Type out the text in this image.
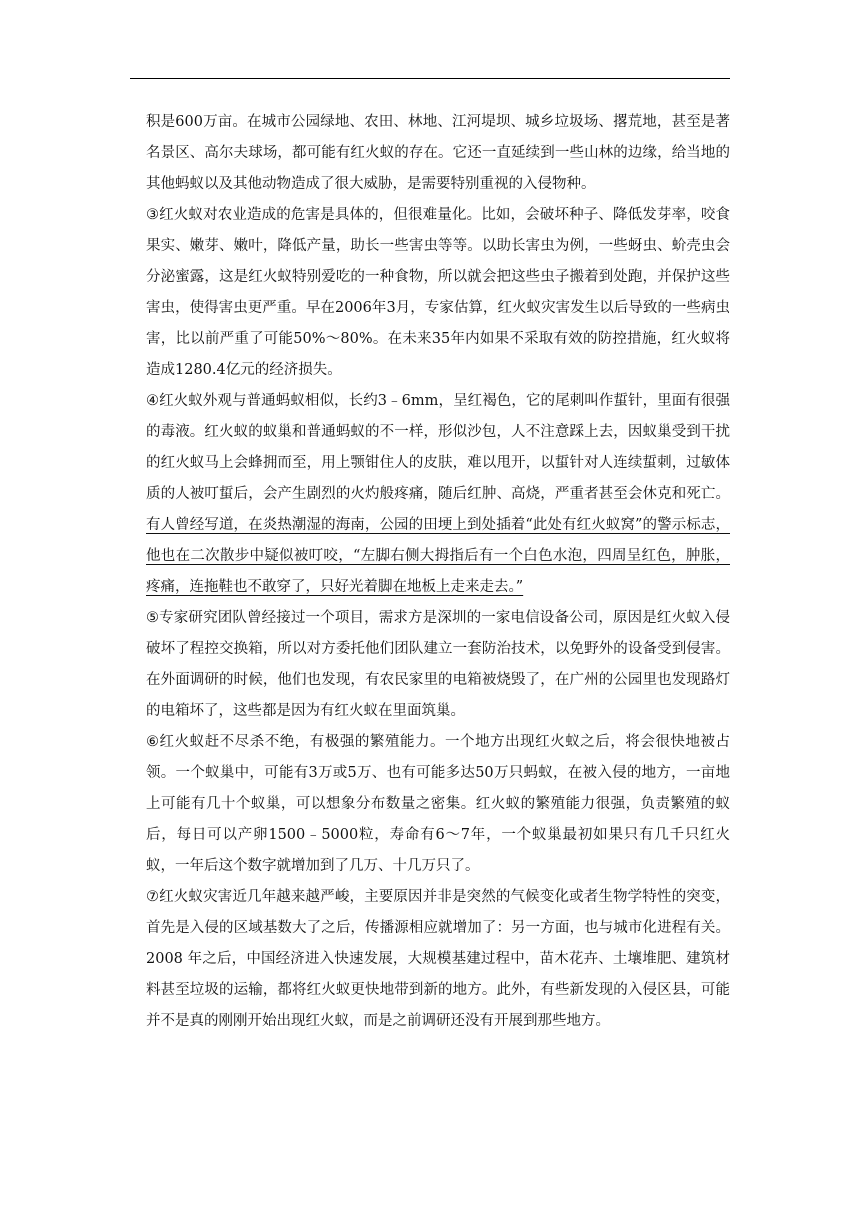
积是600万亩。在城市公园绿地、农田、林地、江河堤坝、城乡垃圾场、撂荒地，甚至是著名景区、高尔夫球场，都可能有红火蚁的存在。它还一直延续到一些山林的边缘，给当地的其他蚂蚁以及其他动物造成了很大威胁，是需要特别重视的入侵物种。

③红火蚁对农业造成的危害是具体的，但很难量化。比如，会破坏种子、降低发芽率，咬食果实、嫩芽、嫩叶，降低产量，助长一些害虫等等。以助长害虫为例，一些蚜虫、蚧壳虫会分泌蜜露，这是红火蚁特别爱吃的一种食物，所以就会把这些虫子搬着到处跑，并保护这些害虫，使得害虫更严重。早在2006年3月，专家估算，红火蚁灾害发生以后导致的一些病虫害，比以前严重了可能50%～80%。在未来35年内如果不采取有效的防控措施，红火蚁将造成1280.4亿元的经济损失。

④红火蚁外观与普通蚂蚁相似，长约3﹣6mm，呈红褐色，它的尾刺叫作蜇针，里面有很强的毒液。红火蚁的蚁巢和普通蚂蚁的不一样，形似沙包，人不注意踩上去，因蚁巢受到干扰的红火蚁马上会蜂拥而至，用上颚钳住人的皮肤，难以甩开，以蜇针对人连续蜇刺，过敏体质的人被叮蜇后，会产生剧烈的火灼般疼痛，随后红肿、高烧，严重者甚至会休克和死亡。有人曾经写道，在炎热潮湿的海南，公园的田埂上到处插着“此处有红火蚁窝”的警示标志，他也在二次散步中疑似被叮咬，“左脚右侧大拇指后有一个白色水泡，四周呈红色，肿胀，疼痛，连拖鞋也不敢穿了，只好光着脚在地板上走来走去。”

⑤专家研究团队曾经接过一个项目，需求方是深圳的一家电信设备公司，原因是红火蚁入侵破坏了程控交换箱，所以对方委托他们团队建立一套防治技术，以免野外的设备受到侵害。在外面调研的时候，他们也发现，有农民家里的电箱被烧毁了，在广州的公园里也发现路灯的电箱坏了，这些都是因为有红火蚁在里面筑巢。

⑥红火蚁赶不尽杀不绝，有极强的繁殖能力。一个地方出现红火蚁之后，将会很快地被占领。一个蚁巢中，可能有3万或5万、也有可能多达50万只蚂蚁，在被入侵的地方，一亩地上可能有几十个蚁巢，可以想象分布数量之密集。红火蚁的繁殖能力很强，负责繁殖的蚁后，每日可以产卵1500﹣5000粒，寿命有6～7年，一个蚁巢最初如果只有几千只红火蚁，一年后这个数字就增加到了几万、十几万只了。

⑦红火蚁灾害近几年越来越严峻，主要原因并非是突然的气候变化或者生物学特性的突变，首先是入侵的区域基数大了之后，传播源相应就增加了：另一方面，也与城市化进程有关。2008 年之后，中国经济进入快速发展，大规模基建过程中，苗木花卉、土壤堆肥、建筑材料甚至垃圾的运输，都将红火蚁更快地带到新的地方。此外，有些新发现的入侵区县，可能并不是真的刚刚开始出现红火蚁，而是之前调研还没有开展到那些地方。
